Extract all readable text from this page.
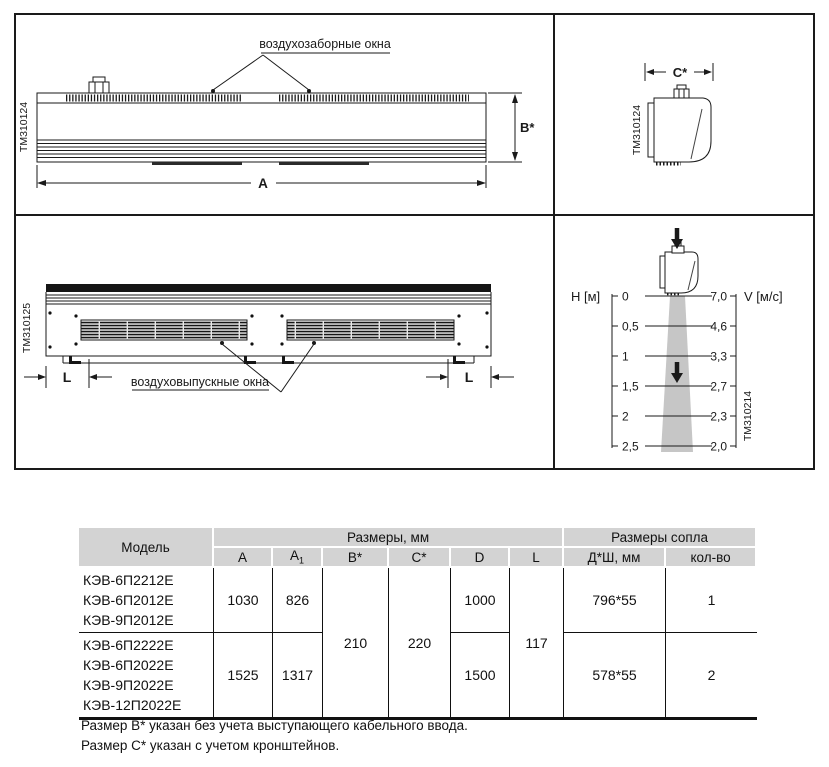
воздухозаборные окна
B*
A
TM310124
C*
TM310124
L	L
воздуховыпускные окна
TM310125
H [м]	V [м/с]
0
0,5
1
1,5
2
2,5
7,0
4,6
3,3
2,7
2,3
2,0
TM310214
Модель	Размеры, мм						Размеры сопла	
	A	$A_1$	B*	C*	D	L	Д*Ш, мм	кол-во

КЭВ-6П2212Е
КЭВ-6П2012Е
КЭВ-9П2012Е	1030	826	210	220	1000	117	796*55	1

КЭВ-6П2222Е
КЭВ-6П2022Е
КЭВ-9П2022Е
КЭВ-12П2022Е	1525	1317			1500		578*55	2
Размер B* указан без учета выступающего кабельного ввода.
Размер C* указан с учетом кронштейнов.
